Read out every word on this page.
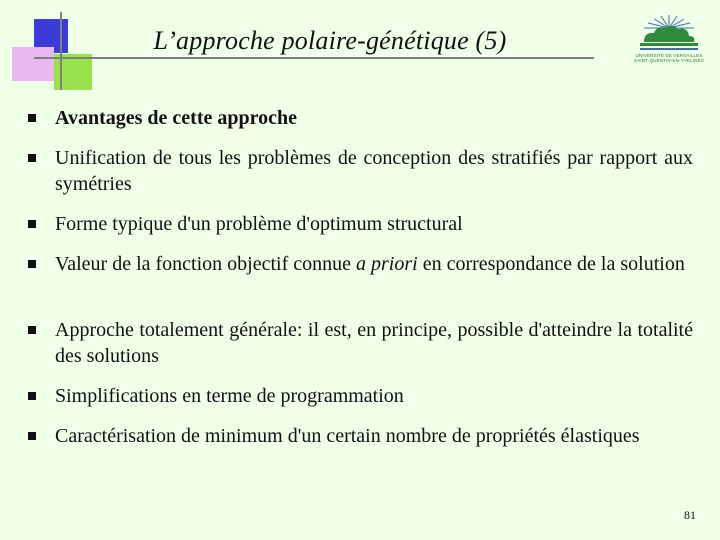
L’approche polaire-génétique (5)
UNIVERSITÉ DE VERSAILLES
SAINT-QUENTIN-EN-YVELINES
Avantages de cette approche
Unification de tous les problèmes de conception des stratifiés par rapport aux symétries
Forme typique d'un problème d'optimum structural
Valeur de la fonction objectif connue a priori en correspondance de la solution
Approche totalement générale: il est, en principe, possible d'atteindre la totalité des solutions
Simplifications en terme de programmation
Caractérisation de minimum d'un certain nombre de propriétés élastiques
81
